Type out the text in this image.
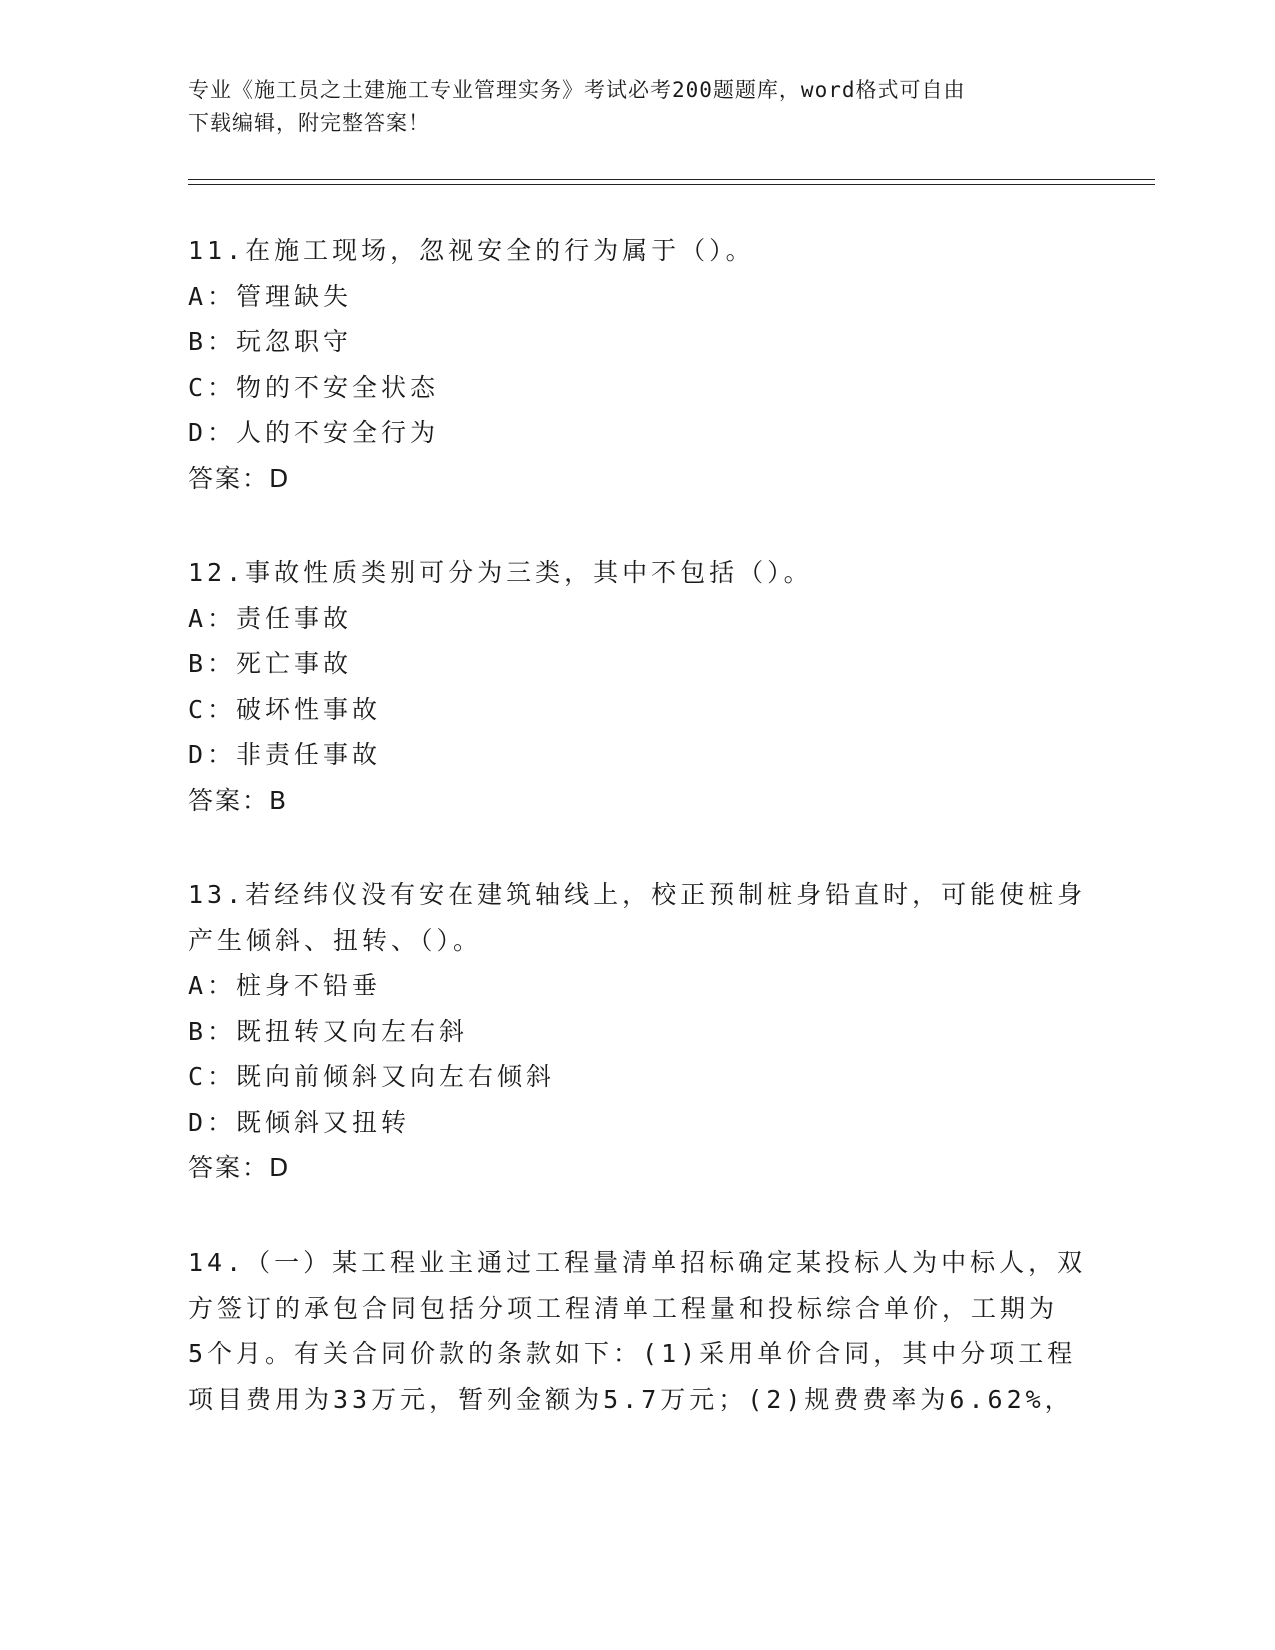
专业《施工员之土建施工专业管理实务》考试必考200题题库，word格式可自由
下载编辑，附完整答案！
11.在施工现场，忽视安全的行为属于（）。
A：管理缺失
B：玩忽职守
C：物的不安全状态
D：人的不安全行为
答案：D
12.事故性质类别可分为三类，其中不包括（）。
A：责任事故
B：死亡事故
C：破坏性事故
D：非责任事故
答案：B
13.若经纬仪没有安在建筑轴线上，校正预制桩身铅直时，可能使桩身
产生倾斜、扭转、（）。
A：桩身不铅垂
B：既扭转又向左右斜
C：既向前倾斜又向左右倾斜
D：既倾斜又扭转
答案：D
14.（一）某工程业主通过工程量清单招标确定某投标人为中标人，双
方签订的承包合同包括分项工程清单工程量和投标综合单价，工期为
5个月。有关合同价款的条款如下：(1)采用单价合同，其中分项工程
项目费用为33万元，暂列金额为5.7万元；(2)规费费率为6.62%，
